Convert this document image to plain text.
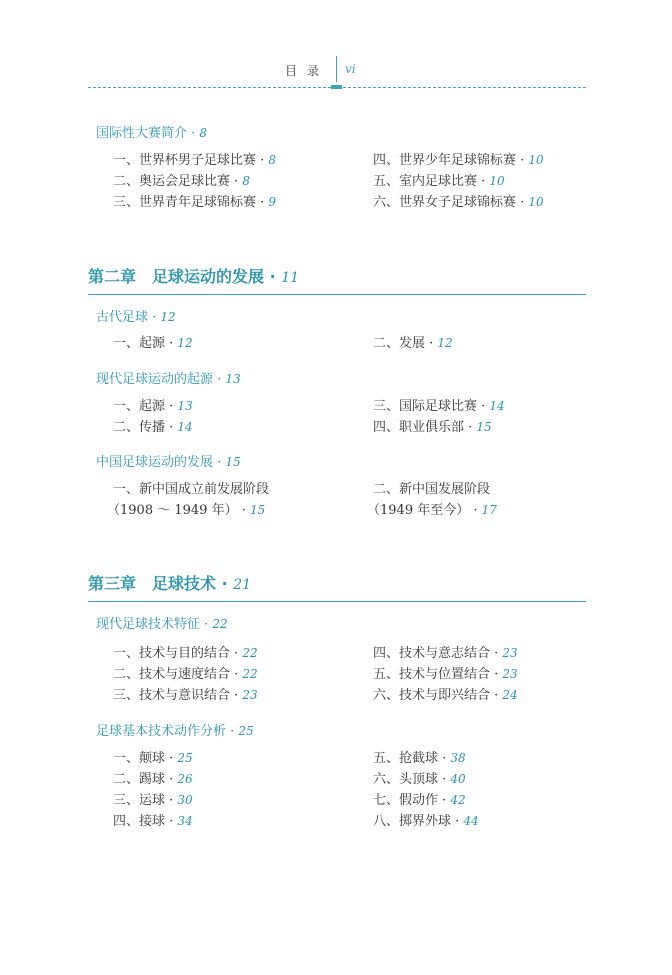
目录 vi
国际性大赛简介 · 8
一、世界杯男子足球比赛 · 8
二、奥运会足球比赛 · 8
三、世界青年足球锦标赛 · 9
四、世界少年足球锦标赛 · 10
五、室内足球比赛 · 10
六、世界女子足球锦标赛 · 10
第二章 足球运动的发展 · 11
古代足球 · 12
一、起源 · 12	二、发展 · 12
现代足球运动的起源 · 13
一、起源 · 13
二、传播 · 14
三、国际足球比赛 · 14
四、职业俱乐部 · 15
中国足球运动的发展 · 15
一、新中国成立前发展阶段
（1908 ～ 1949 年） · 15
二、新中国发展阶段
（1949 年至今） · 17
第三章 足球技术 · 21
现代足球技术特征 · 22
一、技术与目的结合 · 22
二、技术与速度结合 · 22
三、技术与意识结合 · 23
四、技术与意志结合 · 23
五、技术与位置结合 · 23
六、技术与即兴结合 · 24
足球基本技术动作分析 · 25
一、颠球 · 25
二、踢球 · 26
三、运球 · 30
四、接球 · 34
五、抢截球 · 38
六、头顶球 · 40
七、假动作 · 42
八、掷界外球 · 44
